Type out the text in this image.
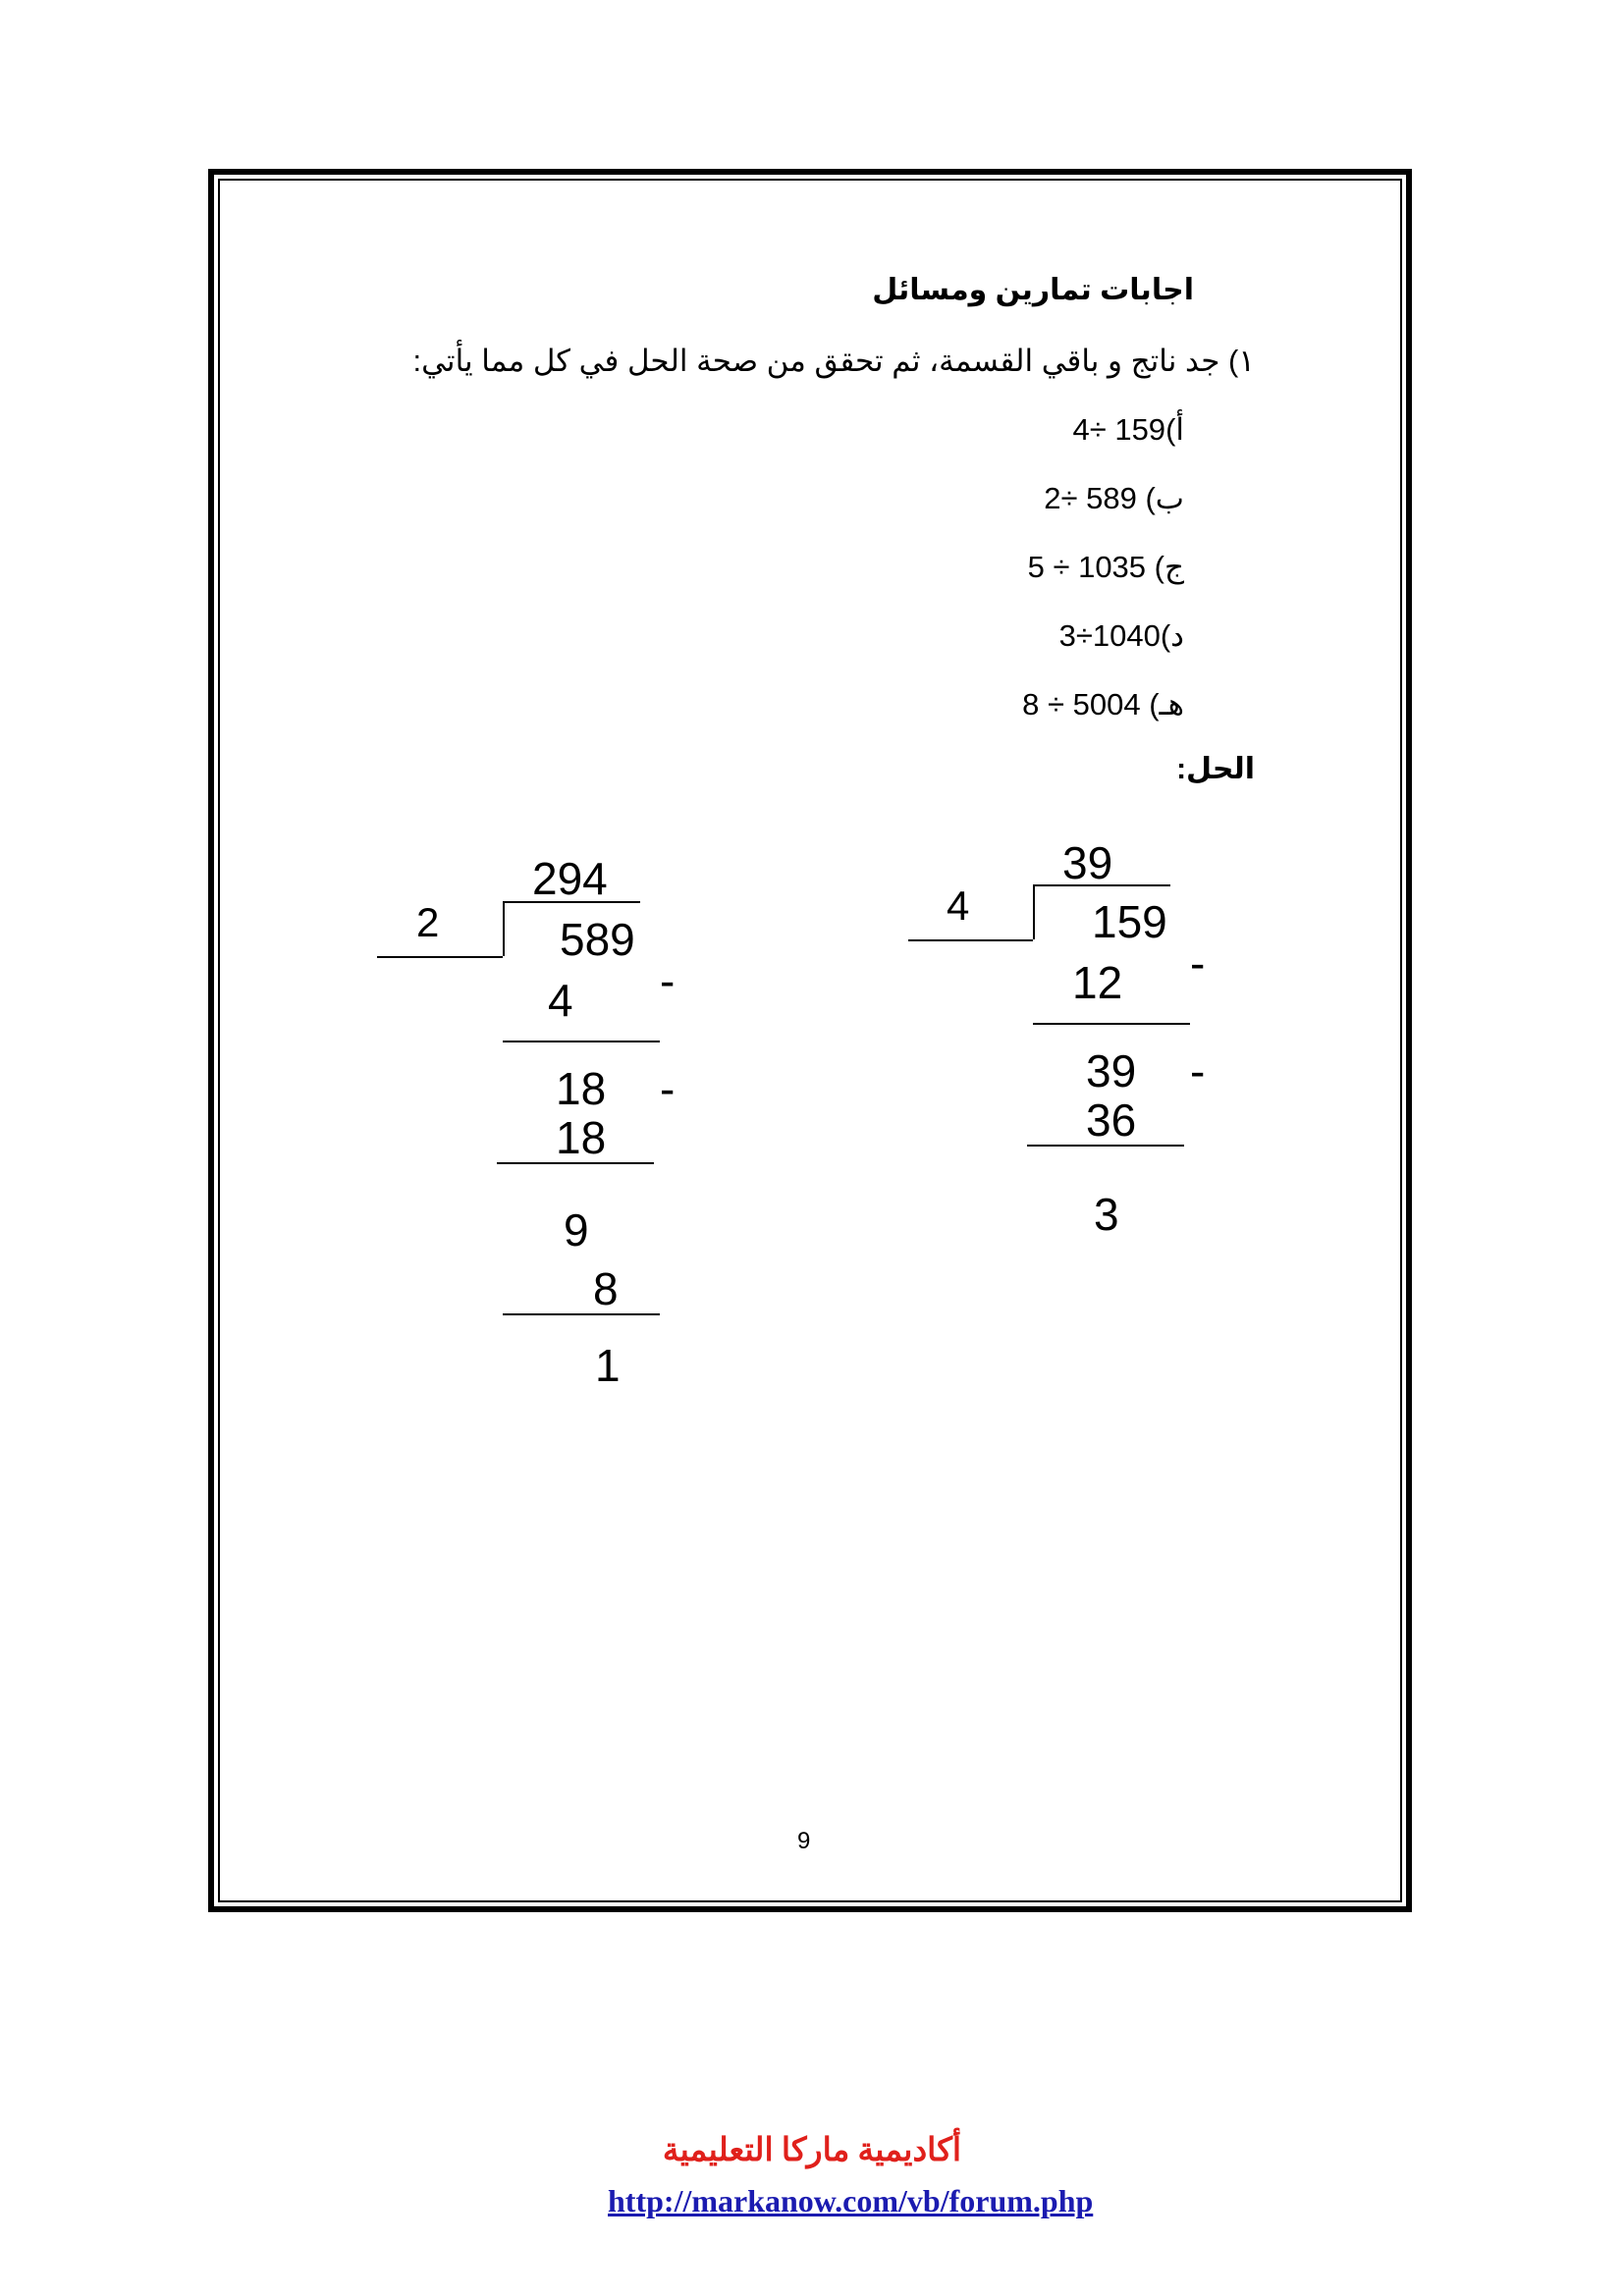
اجابات تمارين ومسائل
١) جد ناتج و باقي القسمة، ثم تحقق من صحة الحل في كل مما يأتي:
أ)159 ÷4
ب) 589 ÷2
ج) 1035 ÷ 5
د)1040÷3
هـ) 5004 ÷ 8
الحل:
39
4	159
12 -
39 -
36
3
294
2	589
4 -
18 -
18
9
8
1
9
أكاديمية ماركا التعليمية
http://markanow.com/vb/forum.php
